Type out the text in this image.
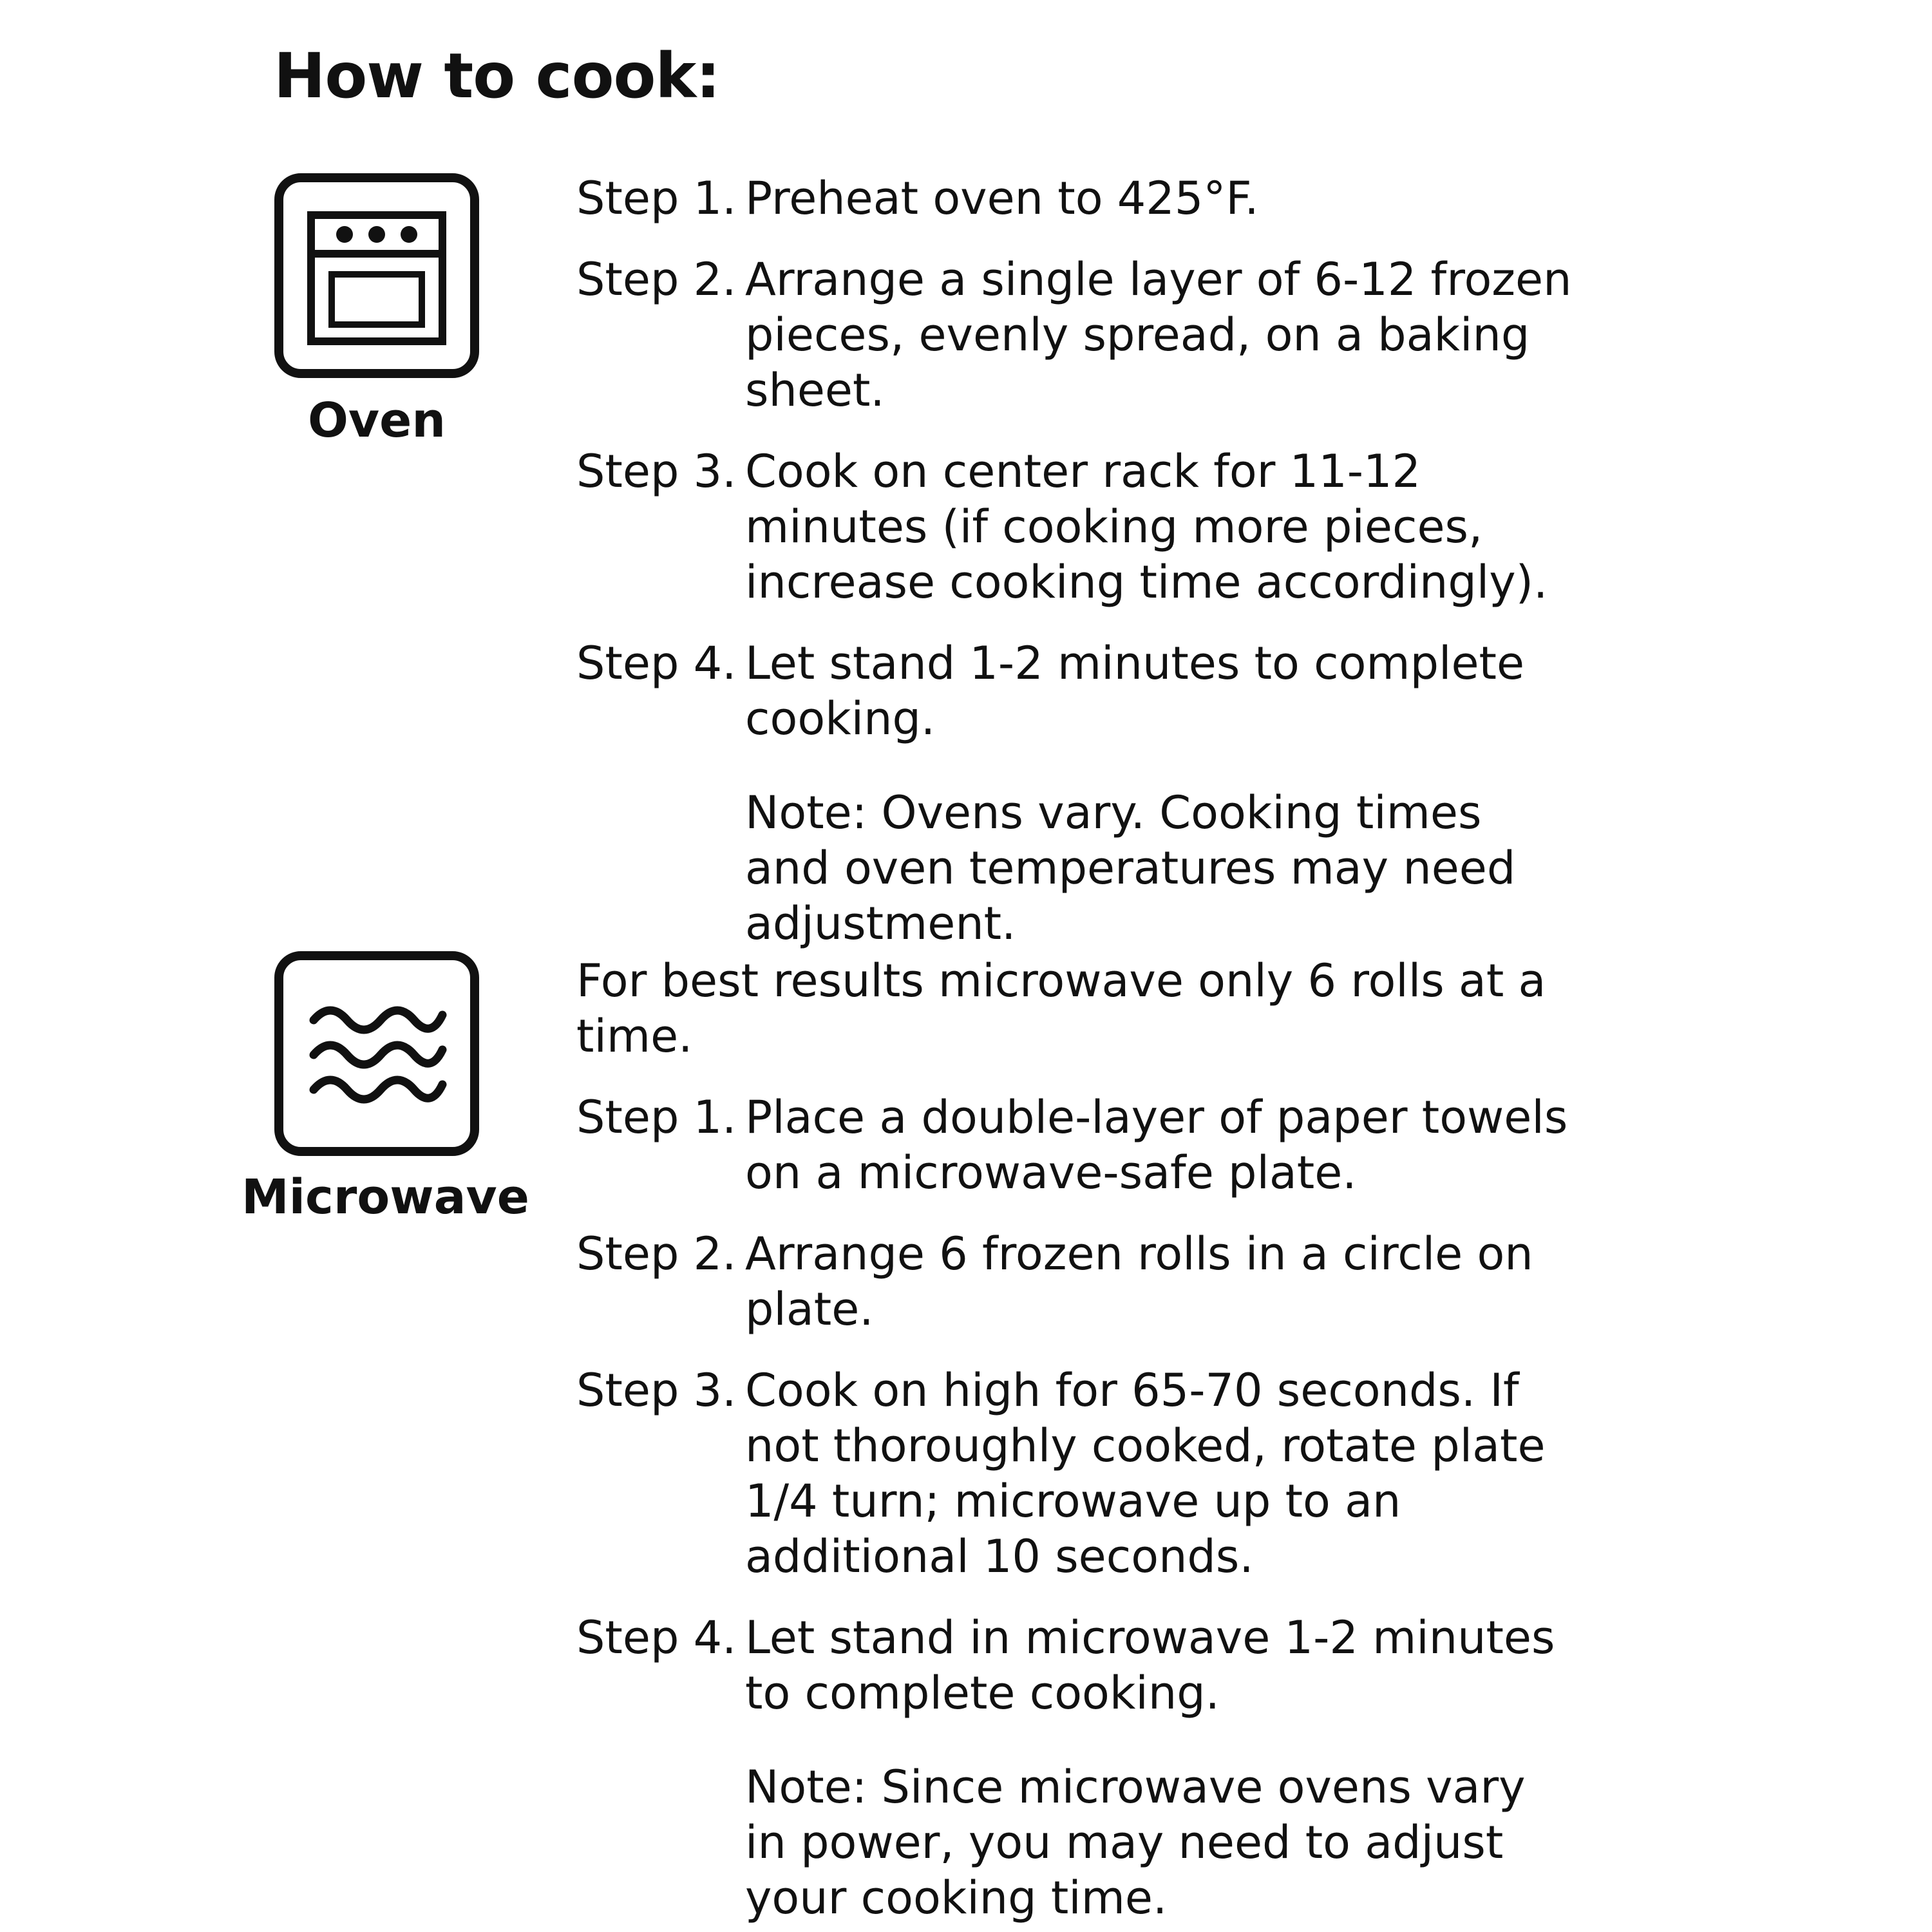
How to cook:
Oven
Step 1. Preheat oven to 425°F.
Step 2. Arrange a single layer of 6-12 frozen pieces, evenly spread, on a baking sheet.
Step 3. Cook on center rack for 11-12 minutes (if cooking more pieces, increase cooking time accordingly).
Step 4. Let stand 1-2 minutes to complete cooking.
Note: Ovens vary. Cooking times and oven temperatures may need adjustment.
Microwave
For best results microwave only 6 rolls at a time.
Step 1. Place a double-layer of paper towels on a microwave-safe plate.
Step 2. Arrange 6 frozen rolls in a circle on plate.
Step 3. Cook on high for 65-70 seconds. If not thoroughly cooked, rotate plate 1/4 turn; microwave up to an additional 10 seconds.
Step 4. Let stand in microwave 1-2 minutes to complete cooking.
Note: Since microwave ovens vary in power, you may need to adjust your cooking time.
